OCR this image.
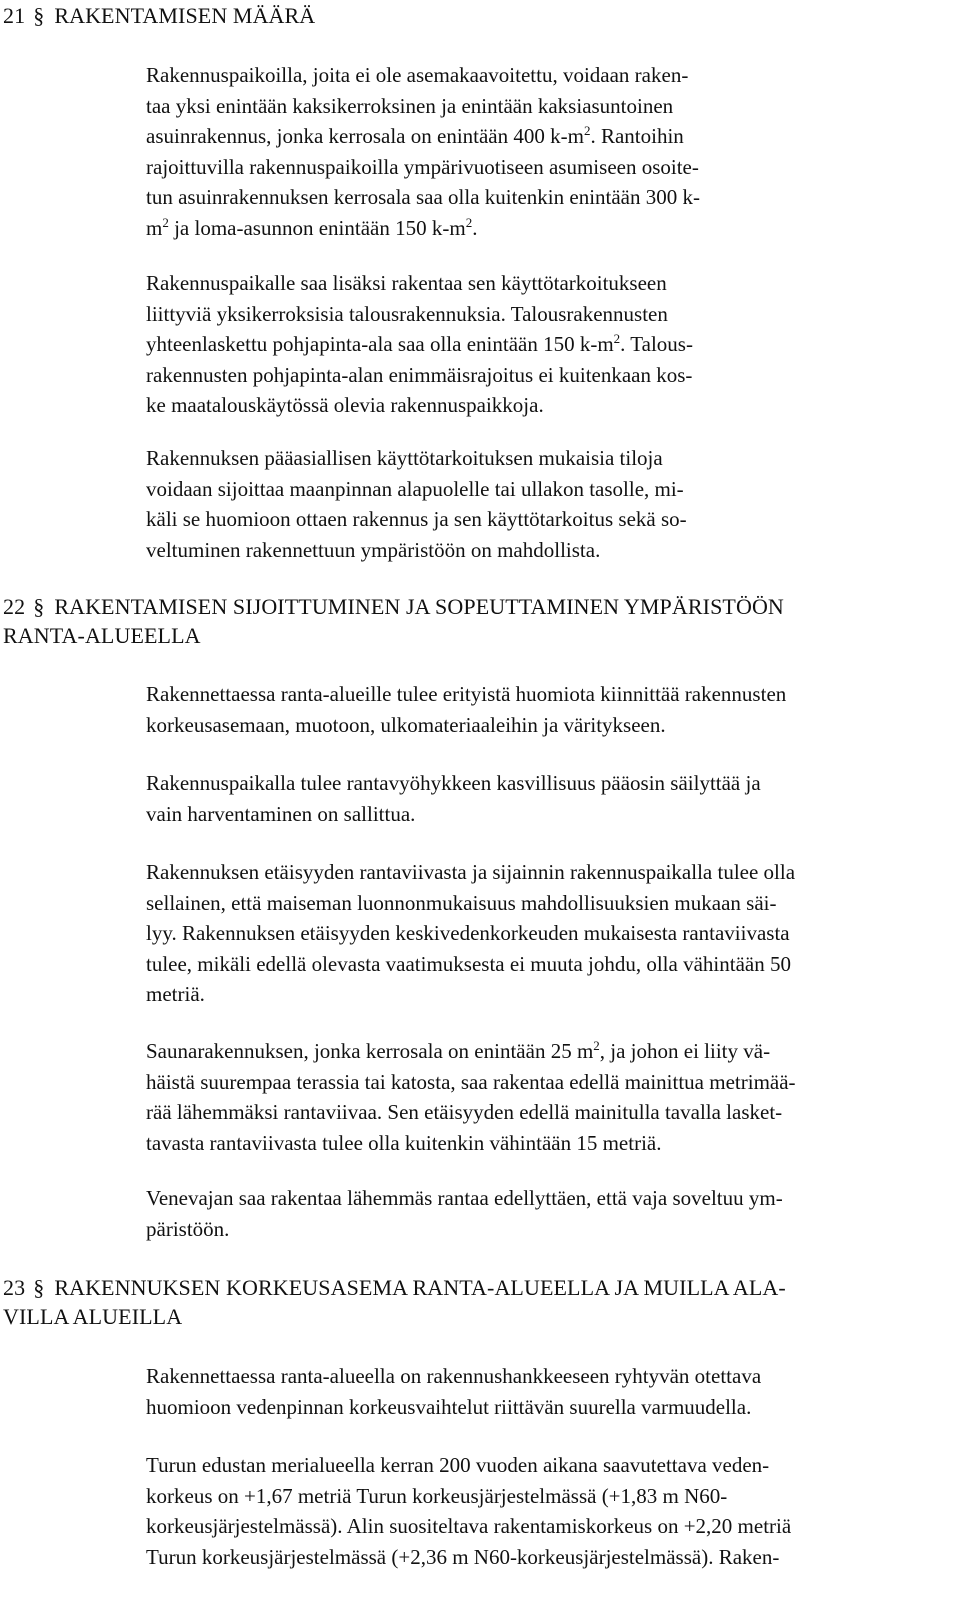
21 § RAKENTAMISEN MÄÄRÄ
Rakennuspaikoilla, joita ei ole asemakaavoitettu, voidaan raken-
taa yksi enintään kaksikerroksinen ja enintään kaksiasuntoinen
asuinrakennus, jonka kerrosala on enintään 400 $k-m^2$. Rantoihin
rajoittuvilla rakennuspaikoilla ympärivuotiseen asumiseen osoite-
tun asuinrakennuksen kerrosala saa olla kuitenkin enintään 300 k-
$m^2$ ja loma-asunnon enintään 150 $k-m^2$.
Rakennuspaikalle saa lisäksi rakentaa sen käyttötarkoitukseen
liittyviä yksikerroksisia talousrakennuksia. Talousrakennusten
yhteenlaskettu pohjapinta-ala saa olla enintään 150 $k-m^2$. Talous-
rakennusten pohjapinta-alan enimmäisrajoitus ei kuitenkaan kos-
ke maatalouskäytössä olevia rakennuspaikkoja.
Rakennuksen pääasiallisen käyttötarkoituksen mukaisia tiloja
voidaan sijoittaa maanpinnan alapuolelle tai ullakon tasolle, mi-
käli se huomioon ottaen rakennus ja sen käyttötarkoitus sekä so-
veltuminen rakennettuun ympäristöön on mahdollista.
22 § RAKENTAMISEN SIJOITTUMINEN JA SOPEUTTAMINEN YMPÄRISTÖÖN
RANTA-ALUEELLA
Rakennettaessa ranta-alueille tulee erityistä huomiota kiinnittää rakennusten
korkeusasemaan, muotoon, ulkomateriaaleihin ja väritykseen.
Rakennuspaikalla tulee rantavyöhykkeen kasvillisuus pääosin säilyttää ja
vain harventaminen on sallittua.
Rakennuksen etäisyyden rantaviivasta ja sijainnin rakennuspaikalla tulee olla
sellainen, että maiseman luonnonmukaisuus mahdollisuuksien mukaan säi-
lyy. Rakennuksen etäisyyden keskivedenkorkeuden mukaisesta rantaviivasta
tulee, mikäli edellä olevasta vaatimuksesta ei muuta johdu, olla vähintään 50
metriä.
Saunarakennuksen, jonka kerrosala on enintään 25 $m^2$, ja johon ei liity vä-
häistä suurempaa terassia tai katosta, saa rakentaa edellä mainittua metrimää-
rää lähemmäksi rantaviivaa. Sen etäisyyden edellä mainitulla tavalla lasket-
tavasta rantaviivasta tulee olla kuitenkin vähintään 15 metriä.
Venevajan saa rakentaa lähemmäs rantaa edellyttäen, että vaja soveltuu ym-
päristöön.
23 § RAKENNUKSEN KORKEUSASEMA RANTA-ALUEELLA JA MUILLA ALA-
VILLA ALUEILLA
Rakennettaessa ranta-alueella on rakennushankkeeseen ryhtyvän otettava
huomioon vedenpinnan korkeusvaihtelut riittävän suurella varmuudella.
Turun edustan merialueella kerran 200 vuoden aikana saavutettava veden-
korkeus on +1,67 metriä Turun korkeusjärjestelmässä (+1,83 m N60-
korkeusjärjestelmässä). Alin suositeltava rakentamiskorkeus on +2,20 metriä
Turun korkeusjärjestelmässä (+2,36 m N60-korkeusjärjestelmässä). Raken-
